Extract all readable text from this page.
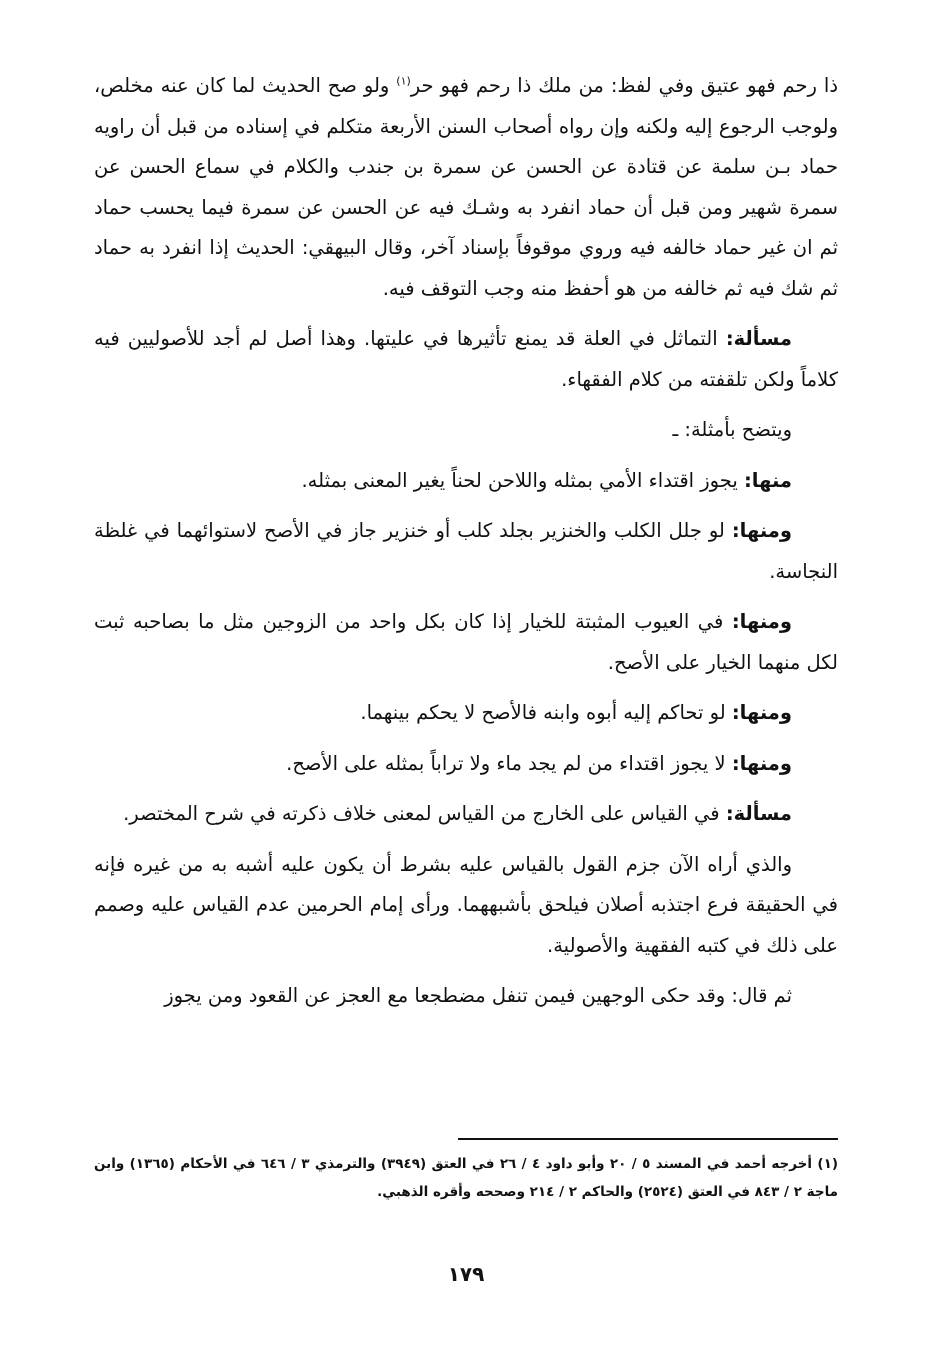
ذا رحم فهو عتيق وفي لفظ: من ملك ذا رحم فهو حر$^{(١)}$ ولو صح الحديث لما كان عنه مخلص، ولوجب الرجوع إليه ولكنه وإن رواه أصحاب السنن الأربعة متكلم في إسناده من قبل أن راويه حماد بـن سلمة عن قتادة عن الحسن عن سمرة بن جندب والكلام في سماع الحسن عن سمرة شهير ومن قبل أن حماد انفرد به وشـك فيه عن الحسن عن سمرة فيما يحسب حماد ثم ان غير حماد خالفه فيه وروي موقوفاً بإسناد آخر، وقال البيهقي: الحديث إذا انفرد به حماد ثم شك فيه ثم خالفه من هو أحفظ منه وجب التوقف فيه.

مسألة: التماثل في العلة قد يمنع تأثيرها في عليتها. وهذا أصل لم أجد للأصوليين فيه كلاماً ولكن تلقفته من كلام الفقهاء.

ويتضح بأمثلة: ـ

منها: يجوز اقتداء الأمي بمثله واللاحن لحناً يغير المعنى بمثله.

ومنها: لو جلل الكلب والخنزير بجلد كلب أو خنزير جاز في الأصح لاستوائهما في غلظة النجاسة.

ومنها: في العيوب المثبتة للخيار إذا كان بكل واحد من الزوجين مثل ما بصاحبه ثبت لكل منهما الخيار على الأصح.

ومنها: لو تحاكم إليه أبوه وابنه فالأصح لا يحكم بينهما.

ومنها: لا يجوز اقتداء من لم يجد ماء ولا تراباً بمثله على الأصح.

مسألة: في القياس على الخارج من القياس لمعنى خلاف ذكرته في شرح المختصر.

والذي أراه الآن جزم القول بالقياس عليه بشرط أن يكون عليه أشبه به من غيره فإنه في الحقيقة فرع اجتذبه أصلان فيلحق بأشبههما. ورأى إمام الحرمين عدم القياس عليه وصمم على ذلك في كتبه الفقهية والأصولية.

ثم قال: وقد حكى الوجهين فيمن تنفل مضطجعا مع العجز عن القعود ومن يجوز

(١) أخرجه أحمد في المسند ٥ / ٢٠ وأبو داود ٤ / ٢٦ في العتق (٣٩٤٩) والترمذي ٣ / ٦٤٦ في الأحكام (١٣٦٥) وابن ماجة ٢ / ٨٤٣ في العتق (٢٥٢٤) والحاكم ٢ / ٢١٤ وصححه وأقره الذهبي.

١٧٩
